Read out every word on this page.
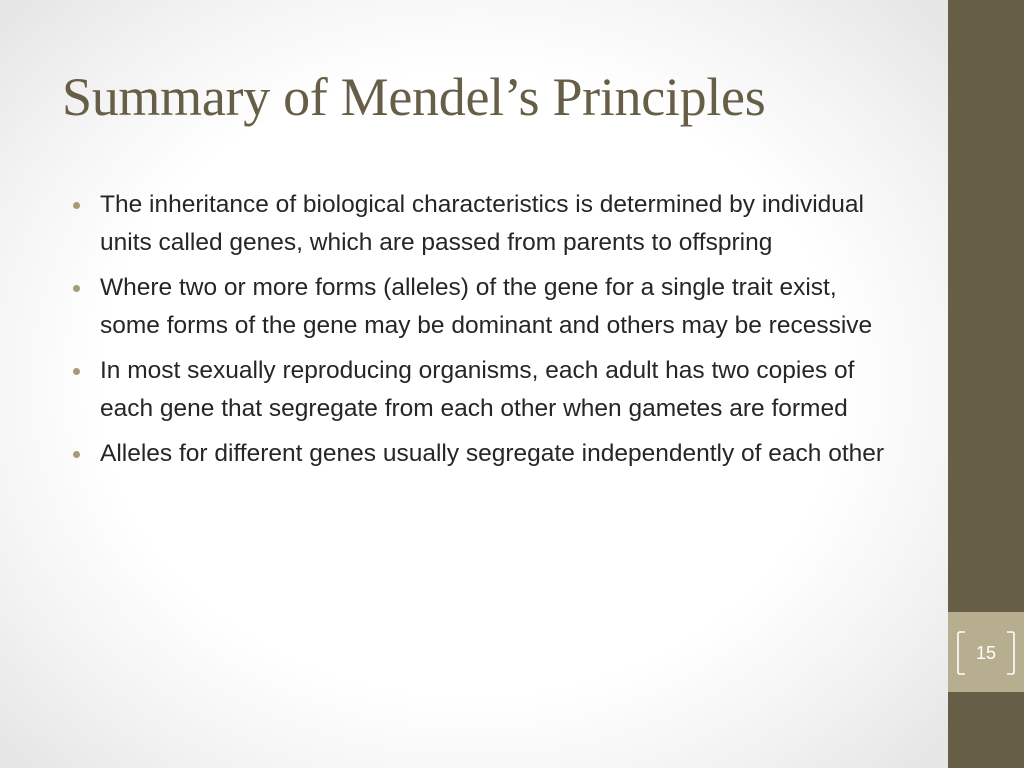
Summary of Mendel’s Principles
The inheritance of biological characteristics is determined by individual units called genes, which are passed from parents to offspring
Where two or more forms (alleles) of the gene for a single trait exist, some forms of the gene may be dominant and others may be recessive
In most sexually reproducing organisms, each adult has two copies of each gene that segregate from each other when gametes are formed
Alleles for different genes usually segregate independently of each other
15
